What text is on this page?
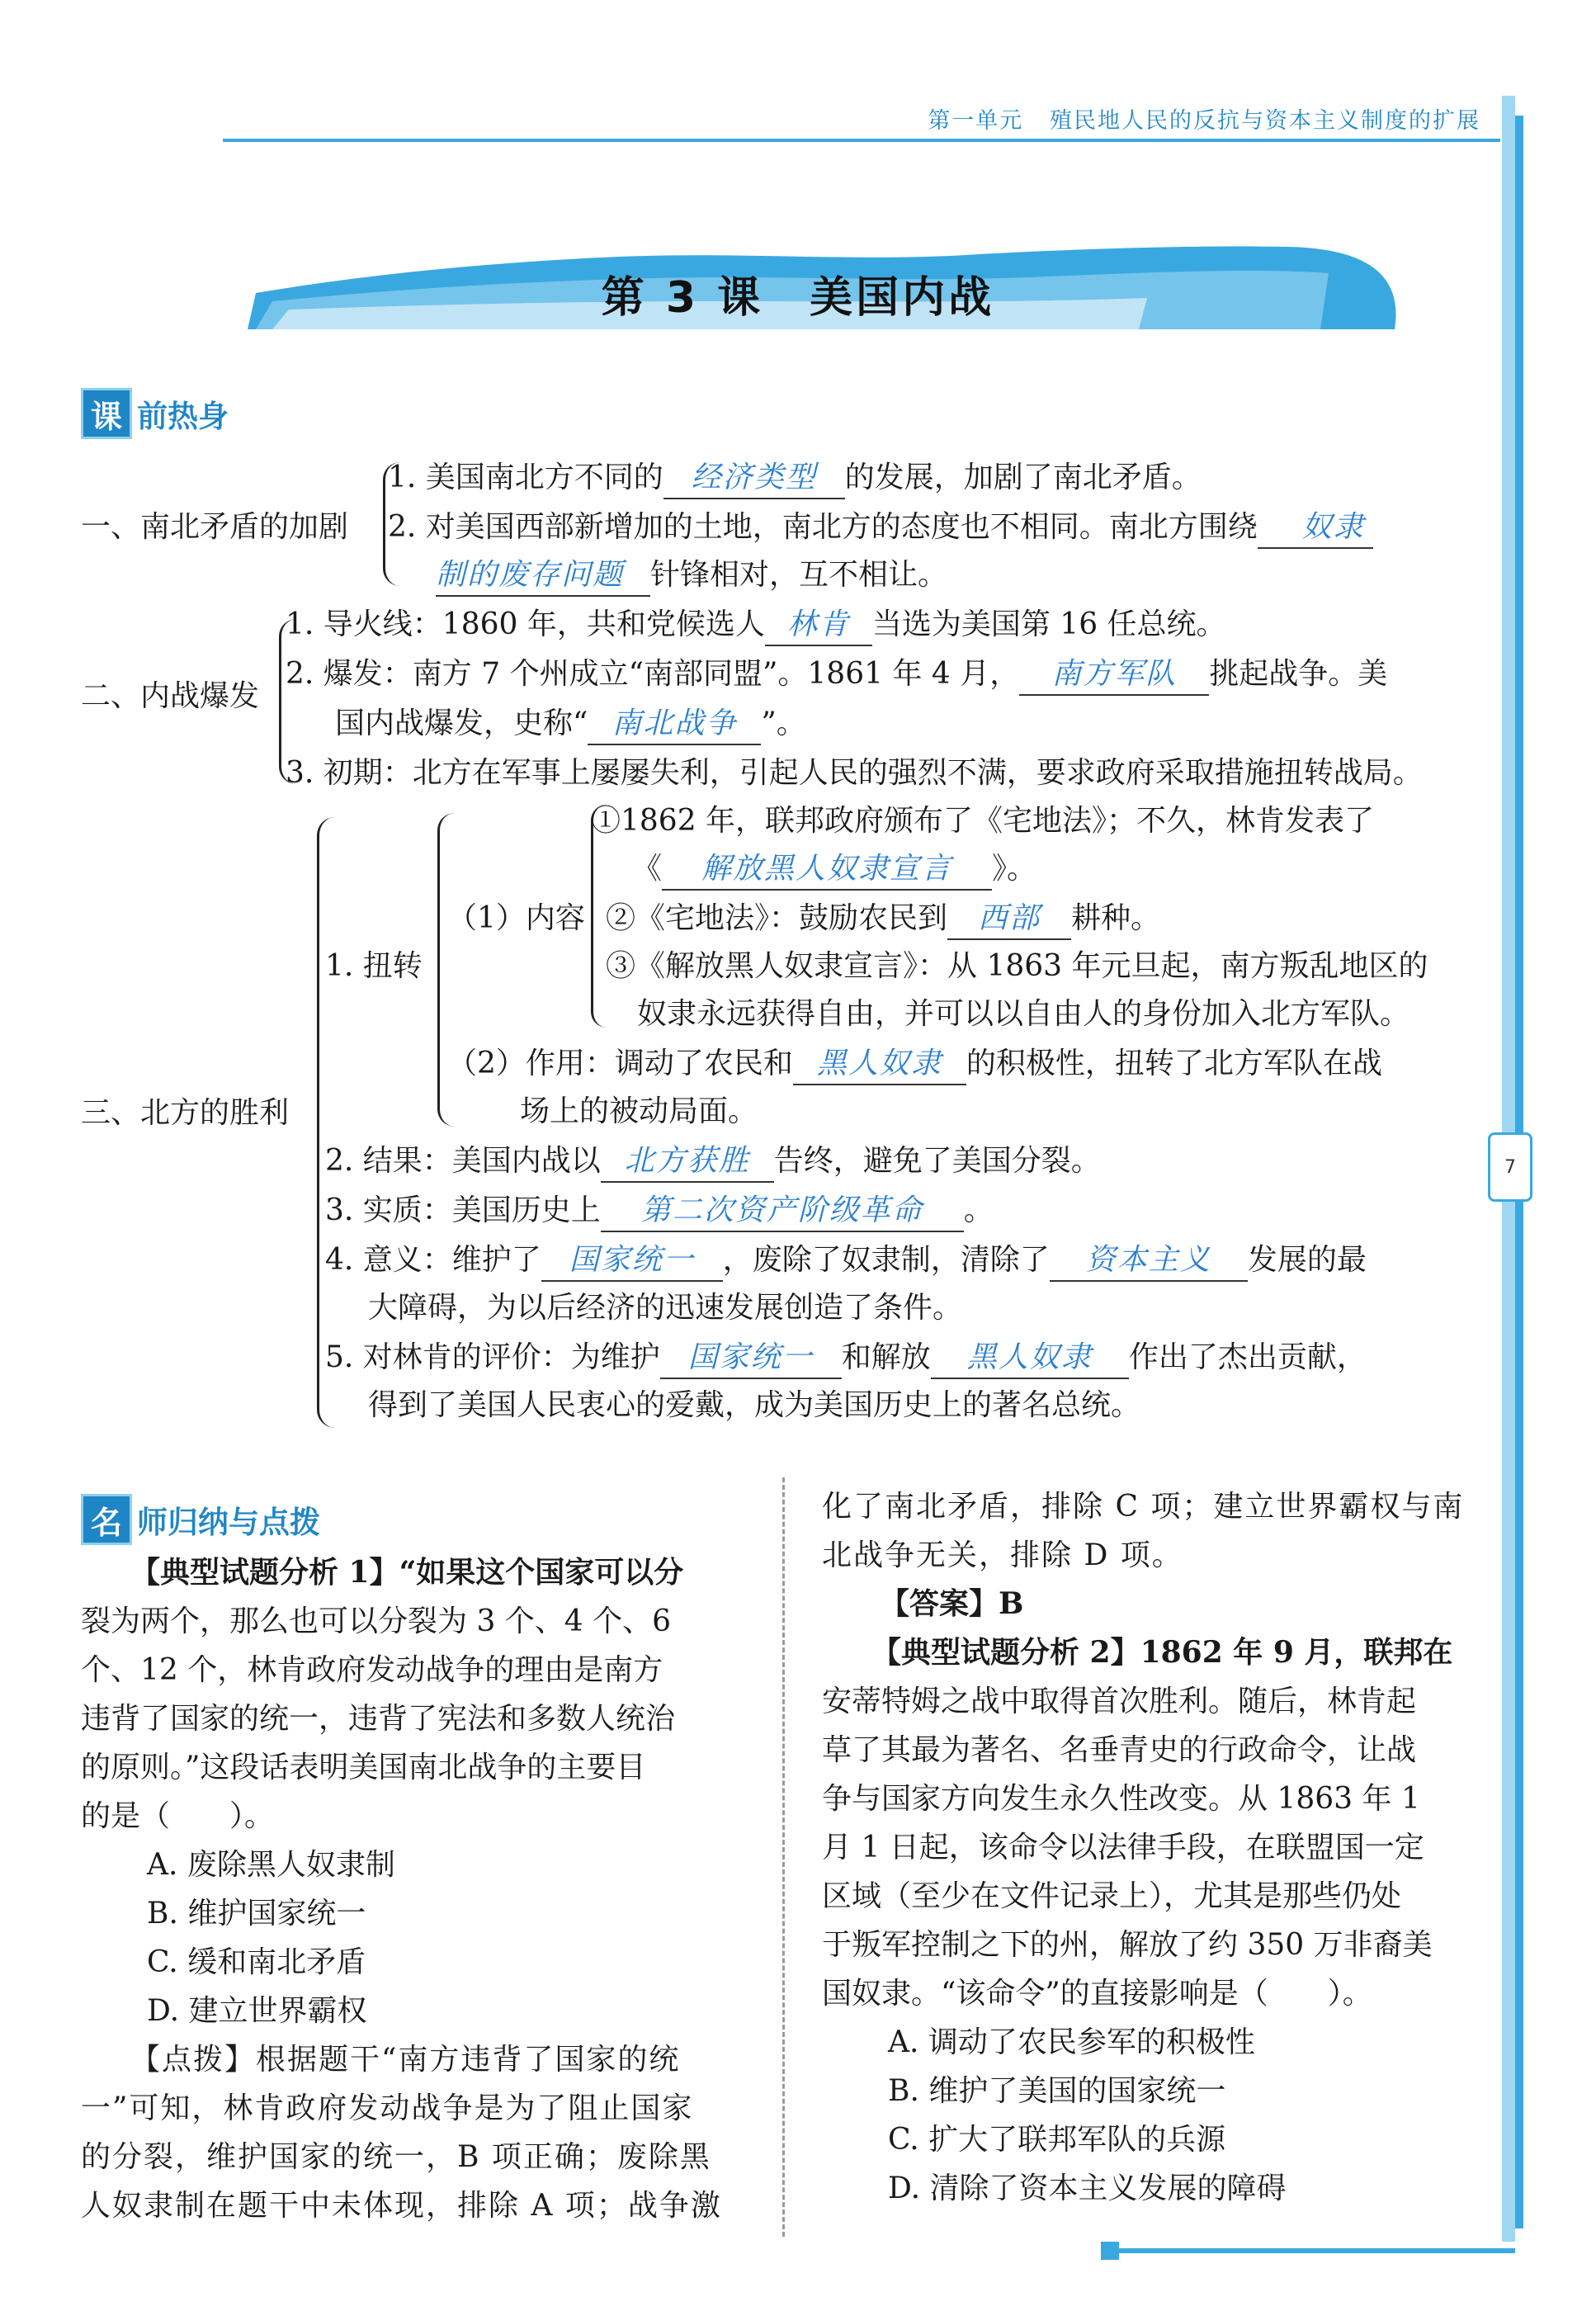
第一单元 殖民地人民的反抗与资本主义制度的扩展
7
第 3 课　美国内战
课 前热身
一、南北矛盾的加剧
1. 美国南北方不同的 经济类型 的发展，加剧了南北矛盾。
2. 对美国西部新增加的土地，南北方的态度也不相同。南北方围绕 奴隶
制的废存问题 针锋相对，互不相让。
二、内战爆发
1. 导火线：1860 年，共和党候选人 林肯 当选为美国第 16 任总统。
2. 爆发：南方 7 个州成立“南部同盟”。1861 年 4 月， 南方军队 挑起战争。美
国内战爆发，史称“ 南北战争 ”。
3. 初期：北方在军事上屡屡失利，引起人民的强烈不满，要求政府采取措施扭转战局。
三、北方的胜利
1. 扭转
（1）内容
①1862 年，联邦政府颁布了《宅地法》；不久，林肯发表了
《 解放黑人奴隶宣言 》。
②《宅地法》：鼓励农民到 西部 耕种。
③《解放黑人奴隶宣言》：从 1863 年元旦起，南方叛乱地区的
奴隶永远获得自由，并可以以自由人的身份加入北方军队。
（2）作用：调动了农民和 黑人奴隶 的积极性，扭转了北方军队在战
场上的被动局面。
2. 结果：美国内战以 北方获胜 告终，避免了美国分裂。
3. 实质：美国历史上 第二次资产阶级革命 。
4. 意义：维护了 国家统一 ，废除了奴隶制，清除了 资本主义 发展的最
大障碍，为以后经济的迅速发展创造了条件。
5. 对林肯的评价：为维护 国家统一 和解放 黑人奴隶 作出了杰出贡献，
得到了美国人民衷心的爱戴，成为美国历史上的著名总统。
名 师归纳与点拨
【典型试题分析 1】“如果这个国家可以分
裂为两个，那么也可以分裂为 3 个、4 个、6
个、12 个，林肯政府发动战争的理由是南方
违背了国家的统一，违背了宪法和多数人统治
的原则。”这段话表明美国南北战争的主要目
的是（　　）。
A. 废除黑人奴隶制
B. 维护国家统一
C. 缓和南北矛盾
D. 建立世界霸权
【点拨】根据题干“南方违背了国家的统
一”可知，林肯政府发动战争是为了阻止国家
的分裂，维护国家的统一，B 项正确；废除黑
人奴隶制在题干中未体现，排除 A 项；战争激
化了南北矛盾，排除 C 项；建立世界霸权与南
北战争无关，排除 D 项。
【答案】B
【典型试题分析 2】1862 年 9 月，联邦在
安蒂特姆之战中取得首次胜利。随后，林肯起
草了其最为著名、名垂青史的行政命令，让战
争与国家方向发生永久性改变。从 1863 年 1
月 1 日起，该命令以法律手段，在联盟国一定
区域（至少在文件记录上），尤其是那些仍处
于叛军控制之下的州，解放了约 350 万非裔美
国奴隶。“该命令”的直接影响是（　　）。
A. 调动了农民参军的积极性
B. 维护了美国的国家统一
C. 扩大了联邦军队的兵源
D. 清除了资本主义发展的障碍
